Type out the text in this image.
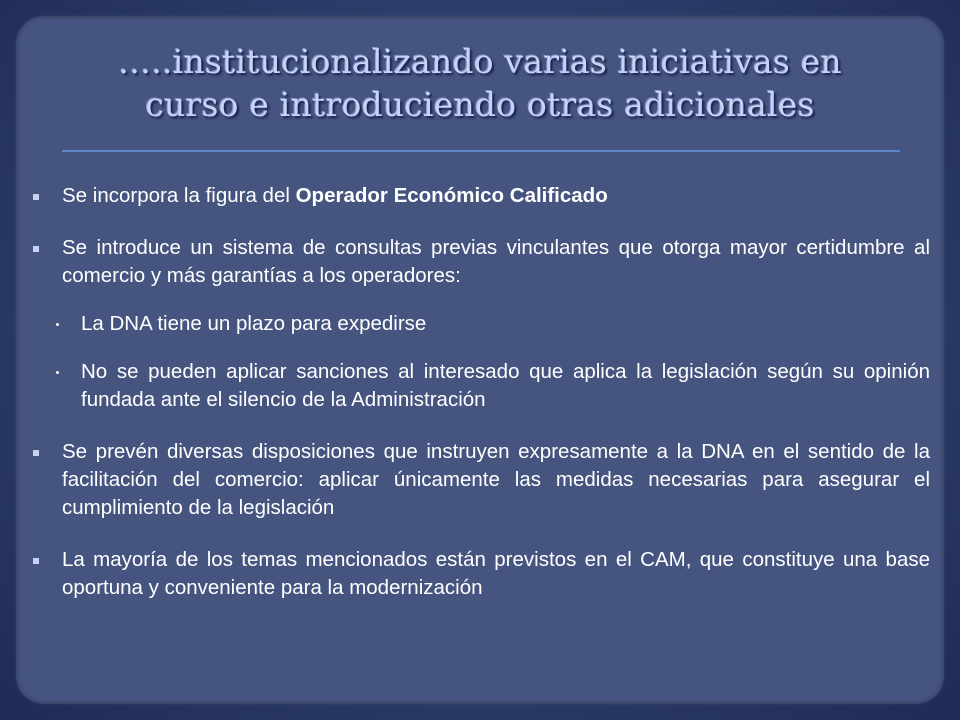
…..institucionalizando varias iniciativas en
curso e introduciendo otras adicionales
Se incorpora la figura del Operador Económico Calificado
Se introduce un sistema de consultas previas vinculantes que otorga mayor certidumbre al comercio y más garantías a los operadores:
La DNA tiene un plazo para expedirse
No se pueden aplicar sanciones al interesado que aplica la legislación según su opinión fundada ante el silencio de la Administración
Se prevén diversas disposiciones que instruyen expresamente a la DNA en el sentido de la facilitación del comercio: aplicar únicamente las medidas necesarias para asegurar el cumplimiento de la legislación
La mayoría de los temas mencionados están previstos en el CAM, que constituye una base oportuna y conveniente para la modernización
